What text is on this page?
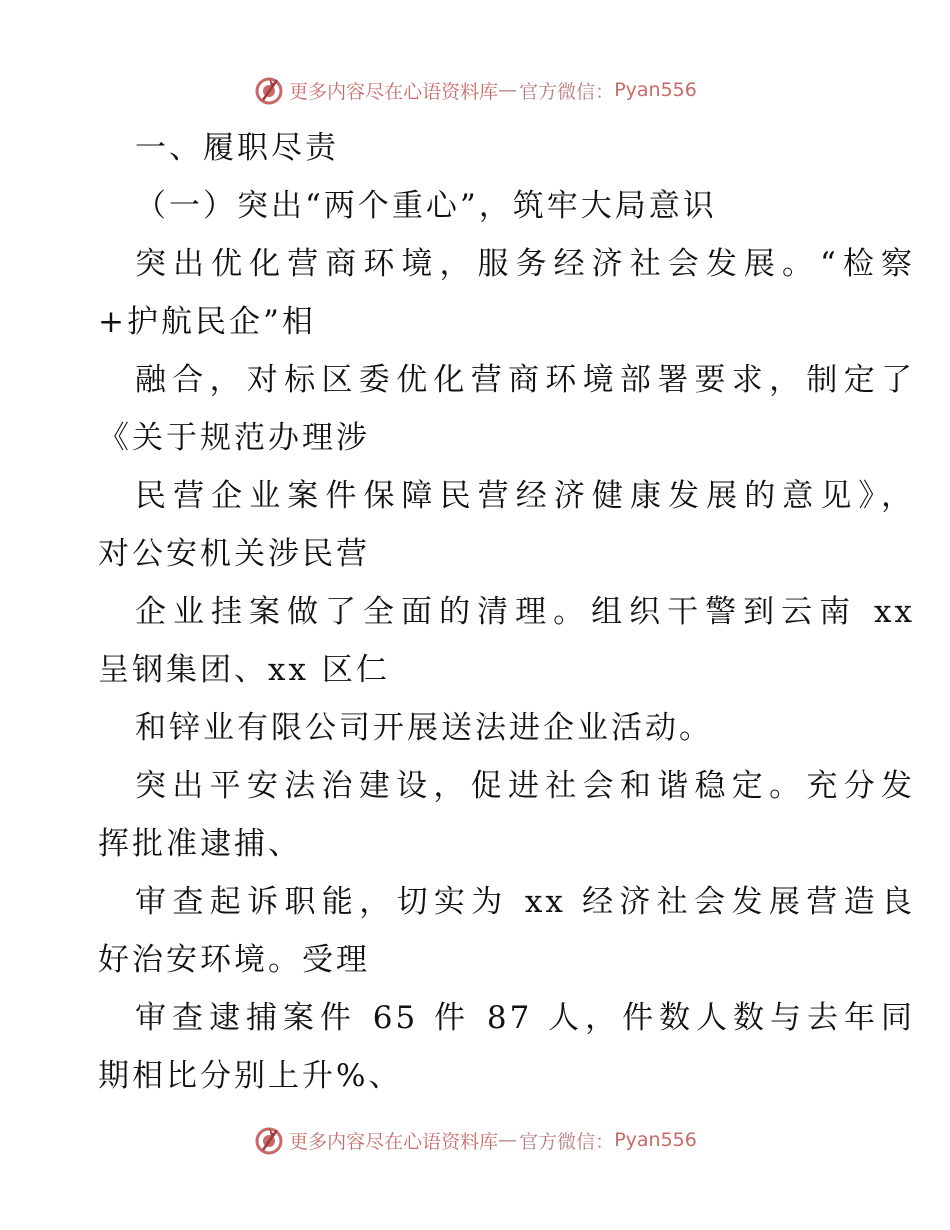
更多内容尽在心语资料库 — 官方微信： Pyan556
一、履职尽责
（一）突出“两个重心”，筑牢大局意识
突出优化营商环境，服务经济社会发展。“检察
+护航民企”相
融合，对标区委优化营商环境部署要求，制定了
《关于规范办理涉
民营企业案件保障民营经济健康发展的意见》，
对公安机关涉民营
企业挂案做了全面的清理。组织干警到云南 xx
呈钢集团、xx 区仁
和锌业有限公司开展送法进企业活动。
突出平安法治建设，促进社会和谐稳定。充分发
挥批准逮捕、
审查起诉职能，切实为 xx 经济社会发展营造良
好治安环境。受理
审查逮捕案件 65 件 87 人，件数人数与去年同
期相比分别上升%、
更多内容尽在心语资料库 — 官方微信： Pyan556
